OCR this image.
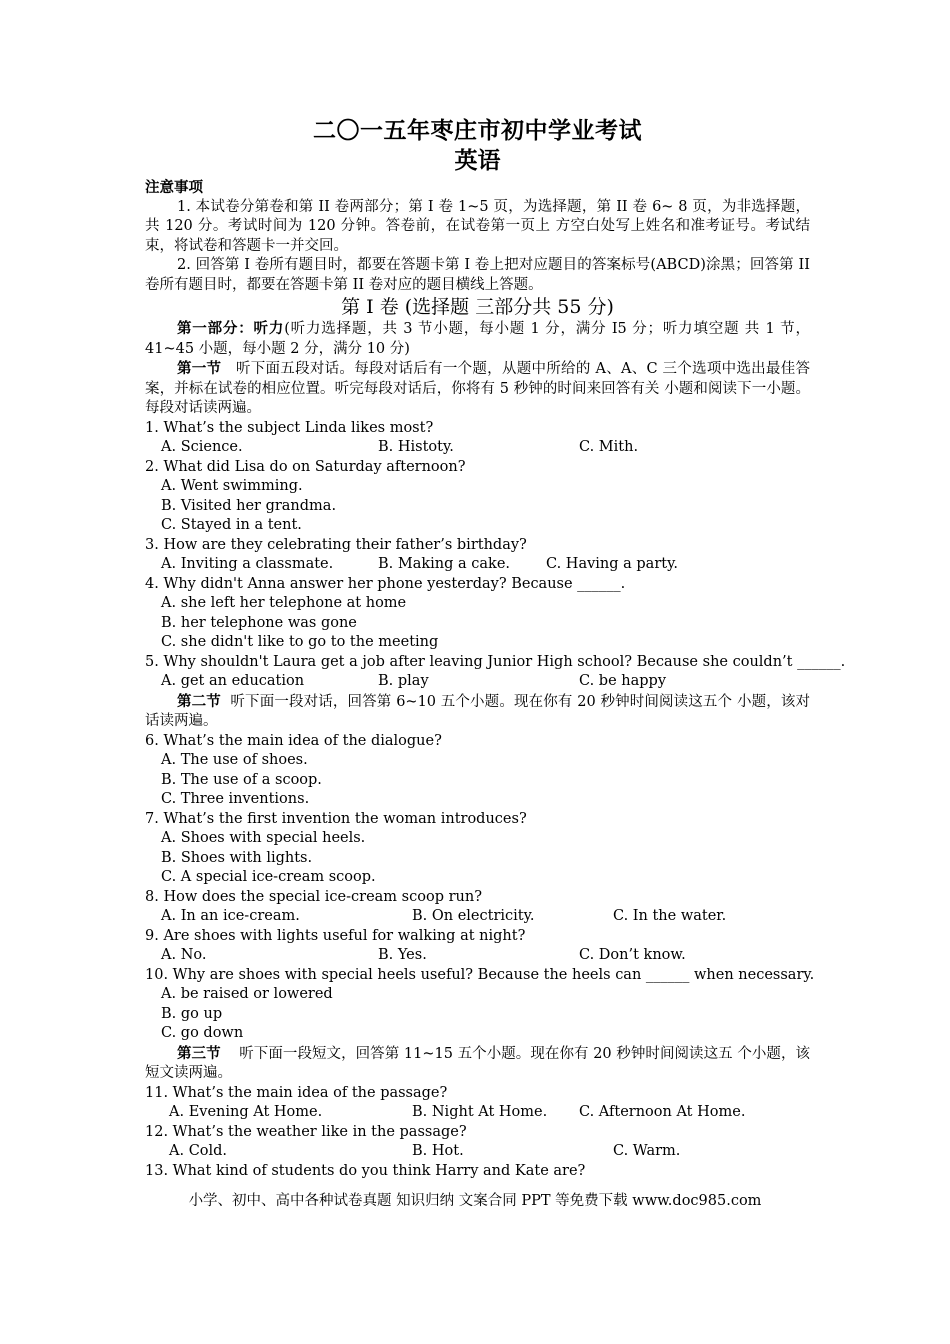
二〇一五年枣庄市初中学业考试
英语
注意事项
1. 本试卷分第卷和第 II 卷两部分；第 I 卷 1~5 页，为选择题，第 II 卷 6~ 8 页，为非选择题，共 120 分。考试时间为 120 分钟。答卷前，在试卷第一页上 方空白处写上姓名和准考证号。考试结束，将试卷和答题卡一并交回。
2. 回答第 I 卷所有题目时，都要在答题卡第 I 卷上把对应题目的答案标号(ABCD)涂黑；回答第 II 卷所有题目时，都要在答题卡第 II 卷对应的题目横线上答题。
第 I 卷 (选择题 三部分共 55 分)
第一部分：听力(听力选择题，共 3 节小题，每小题 1 分，满分 I5 分；听力填空题 共 1 节，41~45 小题，每小题 2 分，满分 10 分)
第一节 听下面五段对话。每段对话后有一个题，从题中所给的 A、A、C 三个选项中选出最佳答案，并标在试卷的相应位置。听完每段对话后，你将有 5 秒钟的时间来回答有关 小题和阅读下一小题。每段对话读两遍。
1. What’s the subject Linda likes most?
A. Science.	B. Histoty.	C. Mith.
2. What did Lisa do on Saturday afternoon?
A. Went swimming.
B. Visited her grandma.
C. Stayed in a tent.
3. How are they celebrating their father’s birthday?
A. Inviting a classmate.	B. Making a cake. C. Having a party.
4. Why didn't Anna answer her phone yesterday? Because ______.
A. she left her telephone at home
B. her telephone was gone
C. she didn't like to go to the meeting
5. Why shouldn't Laura get a job after leaving Junior High school? Because she couldn’t ______.
A. get an education	B. play	C. be happy
第二节 听下面一段对话，回答第 6~10 五个小题。现在你有 20 秒钟时间阅读这五个 小题，该对话读两遍。
6. What’s the main idea of the dialogue?
A. The use of shoes.
B. The use of a scoop.
C. Three inventions.
7. What’s the first invention the woman introduces?
A. Shoes with special heels.
B. Shoes with lights.
C. A special ice-cream scoop.
8. How does the special ice-cream scoop run?
A. In an ice-cream.	B. On electricity.	C. In the water.
9. Are shoes with lights useful for walking at night?
A. No.	B. Yes.	C. Don’t know.
10. Why are shoes with special heels useful? Because the heels can ______ when necessary.
A. be raised or lowered
B. go up
C. go down
第三节 听下面一段短文，回答第 11~15 五个小题。现在你有 20 秒钟时间阅读这五 个小题，该短文读两遍。
11. What’s the main idea of the passage?
A. Evening At Home.	B. Night At Home. C. Afternoon At Home.
12. What’s the weather like in the passage?
A. Cold.	B. Hot.	C. Warm.
13. What kind of students do you think Harry and Kate are?
小学、初中、高中各种试卷真题 知识归纳 文案合同 PPT 等免费下载 www.doc985.com
